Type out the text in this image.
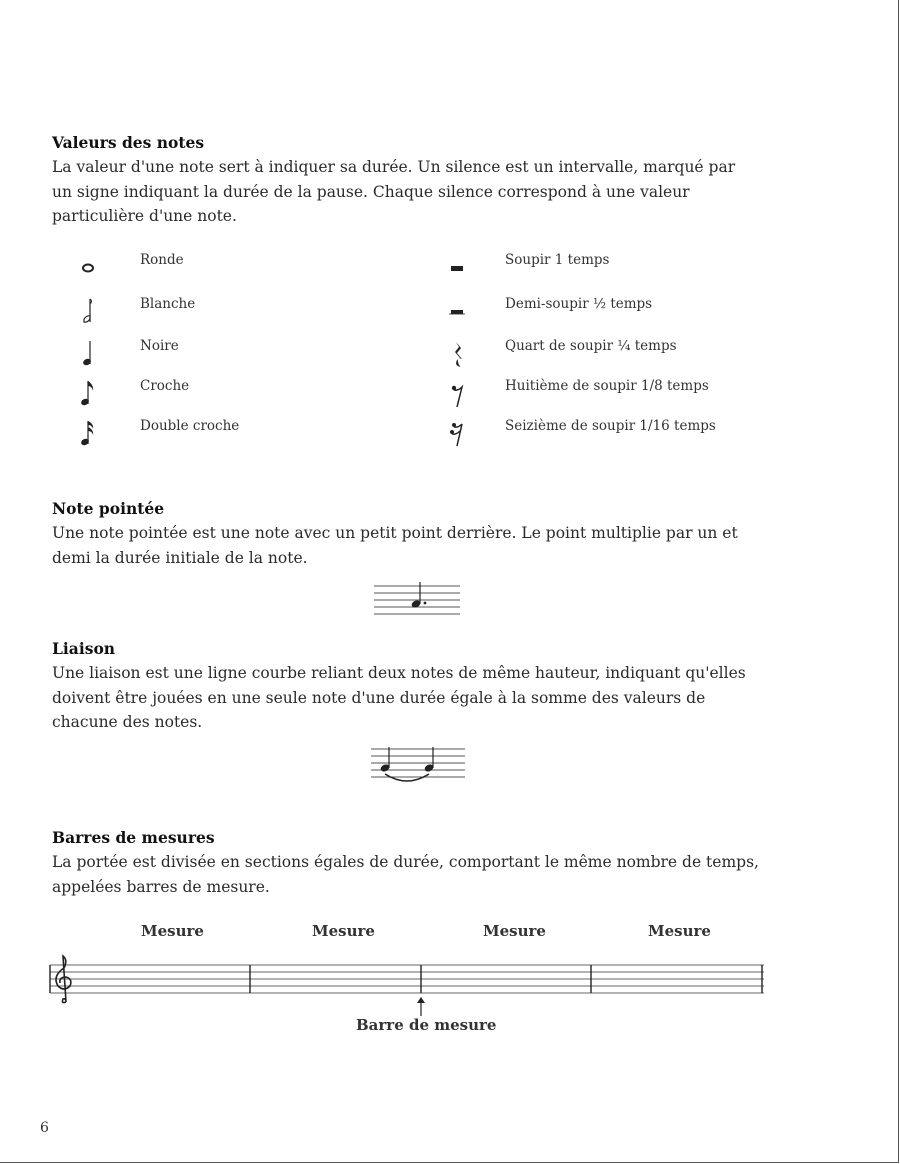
Valeurs des notes
La valeur d'une note sert à indiquer sa durée. Un silence est un intervalle, marqué par
un signe indiquant la durée de la pause. Chaque silence correspond à une valeur
particulière d'une note.
Ronde	Soupir 1 temps
Blanche	Demi-soupir ½ temps
Noire	Quart de soupir ¼ temps
Croche	Huitième de soupir 1/8 temps
Double croche	Seizième de soupir 1/16 temps
Note pointée
Une note pointée est une note avec un petit point derrière. Le point multiplie par un et
demi la durée initiale de la note.
Liaison
Une liaison est une ligne courbe reliant deux notes de même hauteur, indiquant qu'elles
doivent être jouées en une seule note d'une durée égale à la somme des valeurs de
chacune des notes.
Barres de mesures
La portée est divisée en sections égales de durée, comportant le même nombre de temps,
appelées barres de mesure.
Mesure	Mesure	Mesure	Mesure
Barre de mesure
6
